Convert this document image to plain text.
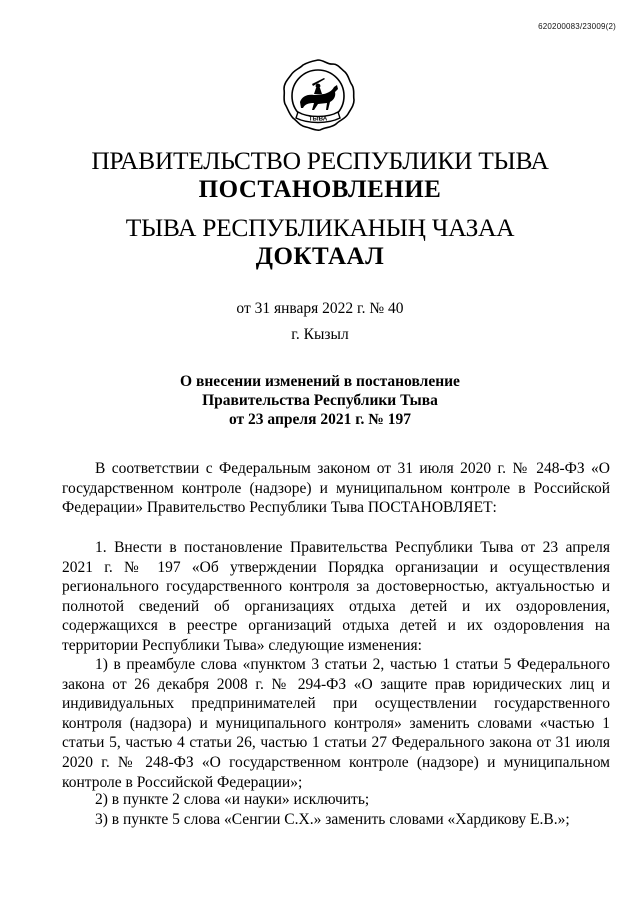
620200083/23009(2)
ТЫВА
ПРАВИТЕЛЬСТВО РЕСПУБЛИКИ ТЫВА
ПОСТАНОВЛЕНИЕ
ТЫВА РЕСПУБЛИКАНЫҢ ЧАЗАА
ДОКТААЛ
от 31 января 2022 г. № 40
г. Кызыл
О внесении изменений в постановление
Правительства Республики Тыва
от 23 апреля 2021 г. № 197
В соответствии с Федеральным законом от 31 июля 2020 г. № 248-ФЗ «О государственном контроле (надзоре) и муниципальном контроле в Российской Федерации» Правительство Республики Тыва ПОСТАНОВЛЯЕТ:
1. Внести в постановление Правительства Республики Тыва от 23 апреля 2021 г. № 197 «Об утверждении Порядка организации и осуществления регионального государственного контроля за достоверностью, актуальностью и полнотой сведений об организациях отдыха детей и их оздоровления, содержащихся в реестре организаций отдыха детей и их оздоровления на территории Республики Тыва» следующие изменения:
1) в преамбуле слова «пунктом 3 статьи 2, частью 1 статьи 5 Федерального закона от 26 декабря 2008 г. № 294-ФЗ «О защите прав юридических лиц и индивидуальных предпринимателей при осуществлении государственного контроля (надзора) и муниципального контроля» заменить словами «частью 1 статьи 5, частью 4 статьи 26, частью 1 статьи 27 Федерального закона от 31 июля 2020 г. № 248-ФЗ «О государственном контроле (надзоре) и муниципальном контроле в Российской Федерации»;
2) в пункте 2 слова «и науки» исключить;
3) в пункте 5 слова «Сенгии С.Х.» заменить словами «Хардикову Е.В.»;
